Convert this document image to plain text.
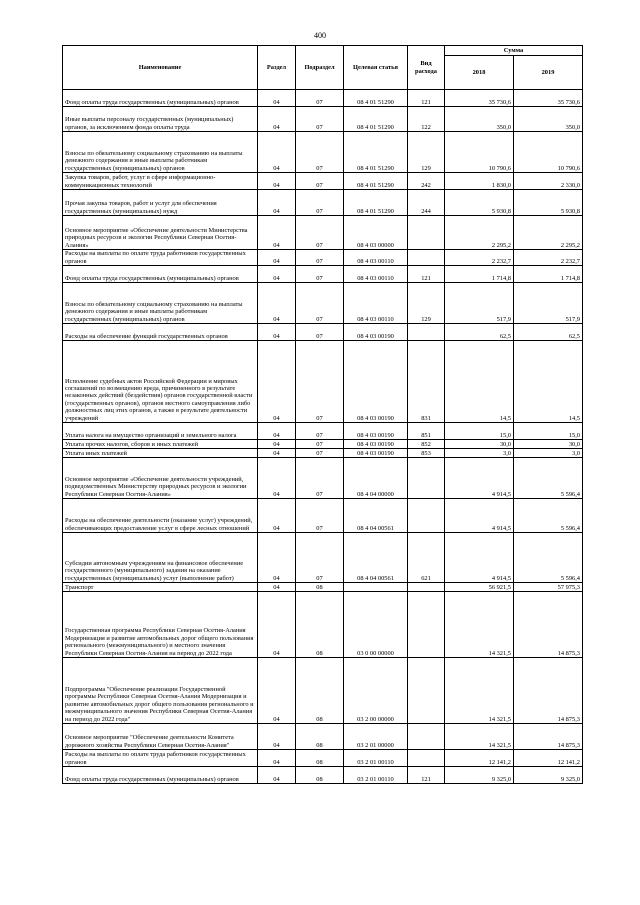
400
Наименование	Раздел	Подраздел	Целевая статья	Вид расхода	Сумма	
					2018	2019
Фонд оплаты труда государственных (муниципальных) органов	04	07	08 4 01 51290	121	35 730,6	35 730,6
Иные выплаты персоналу государственных (муниципальных) органов, за исключением фонда оплаты труда	04	07	08 4 01 51290	122	350,0	350,0
Взносы по обязательному социальному страхованию на выплаты денежного содержания и иные выплаты работникам государственных (муниципальных) органов	04	07	08 4 01 51290	129	10 790,6	10 790,6
Закупка товаров, работ, услуг в сфере информационно-коммуникационных технологий	04	07	08 4 01 51290	242	1 830,0	2 330,0
Прочая закупка товаров, работ и услуг для обеспечения государственных (муниципальных) нужд	04	07	08 4 01 51290	244	5 930,8	5 930,8
Основное мероприятие «Обеспечение деятельности Министерства природных ресурсов и экологии Республики Северная Осетия-Алания»	04	07	08 4 03 00000		2 295,2	2 295,2
Расходы на выплаты по оплате труда работников государственных органов	04	07	08 4 03 00110		2 232,7	2 232,7
Фонд оплаты труда государственных (муниципальных) органов	04	07	08 4 03 00110	121	1 714,8	1 714,8
Взносы по обязательному социальному страхованию на выплаты денежного содержания и иные выплаты работникам государственных (муниципальных) органов	04	07	08 4 03 00110	129	517,9	517,9
Расходы на обеспечение функций государственных органов	04	07	08 4 03 00190		62,5	62,5
Исполнение судебных актов Российской Федерации и мировых соглашений по возмещению вреда, причиненного в результате незаконных действий (бездействия) органов государственной власти (государственных органов), органов местного самоуправления либо должностных лиц этих органов, а также в результате деятельности учреждений	04	07	08 4 03 00190	831	14,5	14,5
Уплата налога на имущество организаций и земельного налога	04	07	08 4 03 00190	851	15,0	15,0
Уплата прочих налогов, сборов и иных платежей	04	07	08 4 03 00190	852	30,0	30,0
Уплата иных платежей	04	07	08 4 03 00190	853	3,0	3,0
Основное мероприятие «Обеспечение деятельности учреждений, подведомственных Министерству природных ресурсов и экологии Республики Северная Осетия-Алания»	04	07	08 4 04 00000		4 914,5	5 596,4
Расходы на обеспечение деятельности (оказание услуг) учреждений, обеспечивающих предоставление услуг в сфере лесных отношений	04	07	08 4 04 00561		4 914,5	5 596,4
Субсидии автономным учреждениям на финансовое обеспечение государственного (муниципального) задания на оказание государственных (муниципальных) услуг (выполнение работ)	04	07	08 4 04 00561	621	4 914,5	5 596,4
Транспорт	04	08			56 921,5	57 975,3
Государственная программа Республики Северная Осетия-Алания Модернизация и развитие автомобильных дорог общего пользования регионального (межмуниципального) и местного значения Республики Северная Осетия-Алания на период до 2022 года	04	08	03 0 00 00000		14 321,5	14 875,3
Подпрограмма "Обеспечение реализации Государственной программы Республики Северная Осетия-Алания Модернизация и развитие автомобильных дорог общего пользования регионального и межмуниципального значения Республики Северная Осетия-Алания на период до 2022 года"	04	08	03 2 00 00000		14 321,5	14 875,3
Основное мероприятие "Обеспечение деятельности Комитета дорожного хозяйства Республики Северная Осетия-Алания"	04	08	03 2 01 00000		14 321,5	14 875,3
Расходы на выплаты по оплате труда работников государственных органов	04	08	03 2 01 00110		12 141,2	12 141,2
Фонд оплаты труда государственных (муниципальных) органов	04	08	03 2 01 00110	121	9 325,0	9 325,0
